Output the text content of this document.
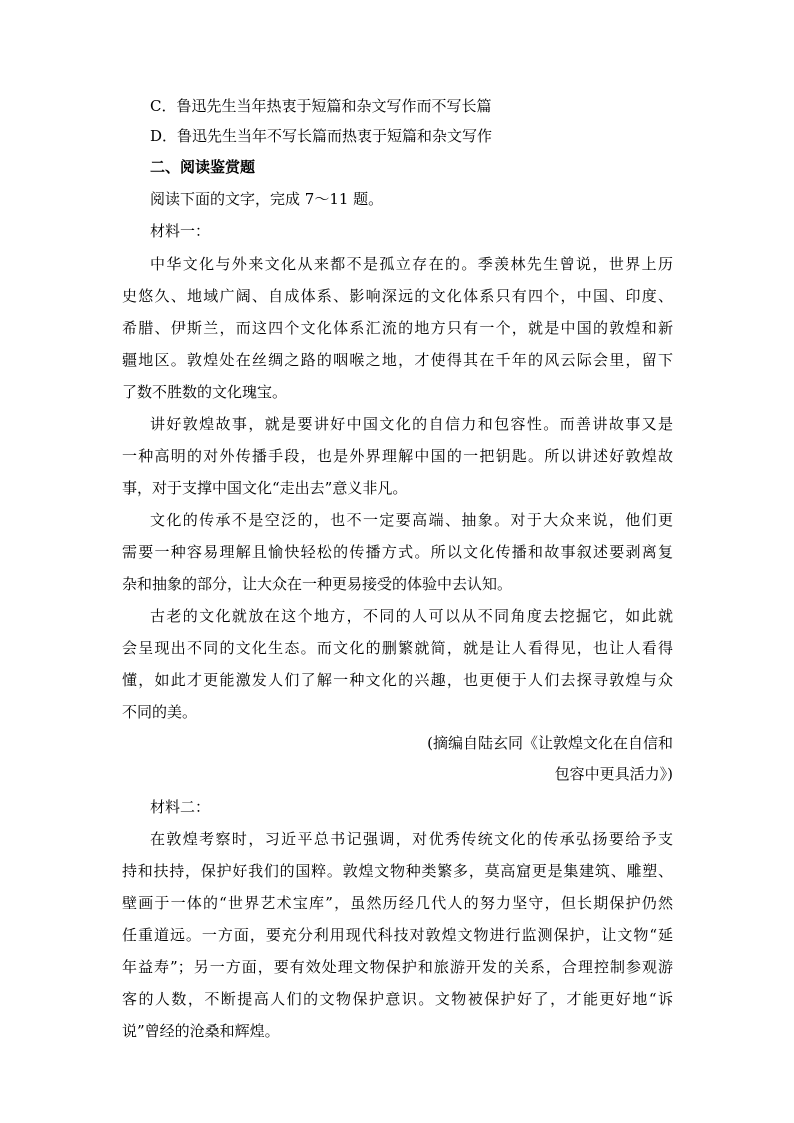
C．鲁迅先生当年热衷于短篇和杂文写作而不写长篇
D．鲁迅先生当年不写长篇而热衷于短篇和杂文写作
二、阅读鉴赏题
阅读下面的文字，完成 7～11 题。
材料一：
中华文化与外来文化从来都不是孤立存在的。季羡林先生曾说，世界上历
史悠久、地域广阔、自成体系、影响深远的文化体系只有四个，中国、印度、
希腊、伊斯兰，而这四个文化体系汇流的地方只有一个，就是中国的敦煌和新
疆地区。敦煌处在丝绸之路的咽喉之地，才使得其在千年的风云际会里，留下
了数不胜数的文化瑰宝。
讲好敦煌故事，就是要讲好中国文化的自信力和包容性。而善讲故事又是
一种高明的对外传播手段，也是外界理解中国的一把钥匙。所以讲述好敦煌故
事，对于支撑中国文化“走出去”意义非凡。
文化的传承不是空泛的，也不一定要高端、抽象。对于大众来说，他们更
需要一种容易理解且愉快轻松的传播方式。所以文化传播和故事叙述要剥离复
杂和抽象的部分，让大众在一种更易接受的体验中去认知。
古老的文化就放在这个地方，不同的人可以从不同角度去挖掘它，如此就
会呈现出不同的文化生态。而文化的删繁就简，就是让人看得见，也让人看得
懂，如此才更能激发人们了解一种文化的兴趣，也更便于人们去探寻敦煌与众
不同的美。
(摘编自陆玄同《让敦煌文化在自信和
包容中更具活力》)
材料二：
在敦煌考察时，习近平总书记强调，对优秀传统文化的传承弘扬要给予支
持和扶持，保护好我们的国粹。敦煌文物种类繁多，莫高窟更是集建筑、雕塑、
壁画于一体的“世界艺术宝库”，虽然历经几代人的努力坚守，但长期保护仍然
任重道远。一方面，要充分利用现代科技对敦煌文物进行监测保护，让文物“延
年益寿”；另一方面，要有效处理文物保护和旅游开发的关系，合理控制参观游
客的人数，不断提高人们的文物保护意识。文物被保护好了，才能更好地“诉
说”曾经的沧桑和辉煌。
